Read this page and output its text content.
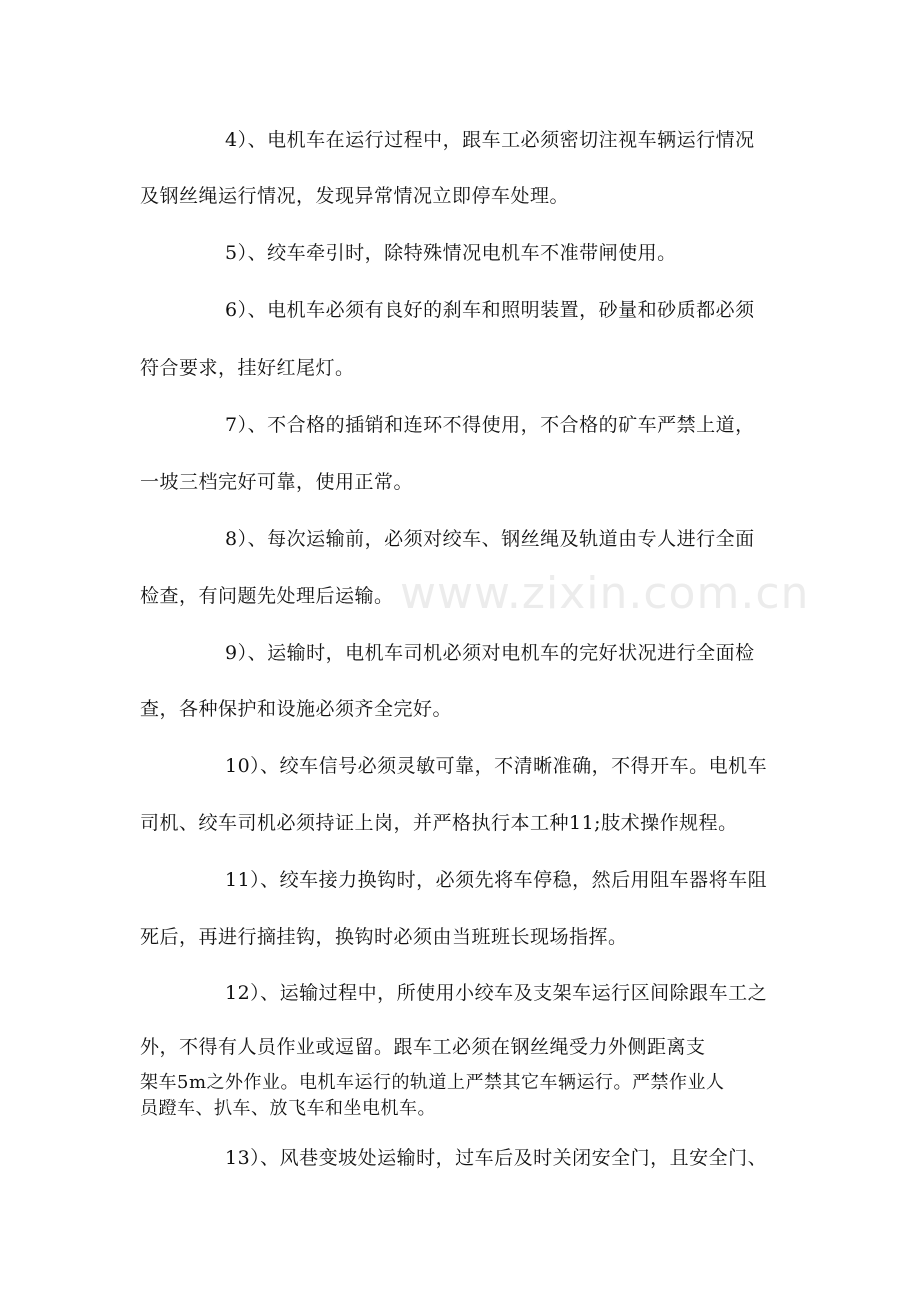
www.zixin.com.cn
4）、电机车在运行过程中，跟车工必须密切注视车辆运行情况
及钢丝绳运行情况，发现异常情况立即停车处理。
5）、绞车牵引时，除特殊情况电机车不准带闸使用。
6）、电机车必须有良好的刹车和照明装置，砂量和砂质都必须
符合要求，挂好红尾灯。
7）、不合格的插销和连环不得使用，不合格的矿车严禁上道，
一坡三档完好可靠，使用正常。
8）、每次运输前，必须对绞车、钢丝绳及轨道由专人进行全面
检查，有问题先处理后运输。
9）、运输时，电机车司机必须对电机车的完好状况进行全面检
查，各种保护和设施必须齐全完好。
10）、绞车信号必须灵敏可靠，不清晰准确，不得开车。电机车
司机、绞车司机必须持证上岗，并严格执行本工种11;肢术操作规程。
11）、绞车接力换钩时，必须先将车停稳，然后用阻车器将车阻
死后，再进行摘挂钩，换钩时必须由当班班长现场指挥。
12）、运输过程中，所使用小绞车及支架车运行区间除跟车工之
外，不得有人员作业或逗留。跟车工必须在钢丝绳受力外侧距离支
架车5m之外作业。电机车运行的轨道上严禁其它车辆运行。严禁作业人
员蹬车、扒车、放飞车和坐电机车。
13）、风巷变坡处运输时，过车后及时关闭安全门，且安全门、
